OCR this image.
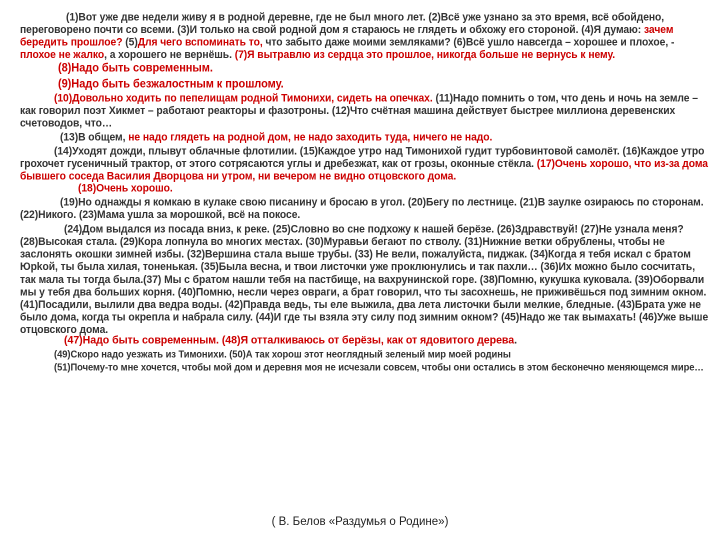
(1)Вот уже две недели живу я в родной деревне, где не был много лет. (2)Всё уже узнано за это время, всё обойдено, переговорено почти со всеми. (3)И только на свой родной дом я стараюсь не глядеть и обхожу его стороной. (4)Я думаю: зачем бередить прошлое? (5)Для чего вспоминать то, что забыто даже моими земляками? (6)Всё ушло навсегда – хорошее и плохое, - плохое не жалко, а хорошего не вернёшь. (7)Я вытравлю из сердца это прошлое, никогда больше не вернусь к нему.

(8)Надо быть современным.

(9)Надо быть безжалостным к прошлому.

(10)Довольно ходить по пепелищам родной Тимонихи, сидеть на опечках. (11)Надо помнить о том, что день и ночь на земле – как говорил поэт Хикмет – работают реакторы и фазотроны. (12)Что счётная машина действует быстрее миллиона деревенских счетоводов, что…

(13)В общем, не надо глядеть на родной дом, не надо заходить туда, ничего не надо.

(14)Уходят дожди, плывут облачные флотилии. (15)Каждое утро над Тимонихой гудит турбовинтовой самолёт. (16)Каждое утро грохочет гусеничный трактор, от этого сотрясаются углы и дребезжат, как от грозы, оконные стёкла. (17)Очень хорошо, что из-за дома бывшего соседа Василия Дворцова ни утром, ни вечером не видно отцовского дома.

(18)Очень хорошо.

(19)Но однажды я комкаю в кулаке свою писанину и бросаю в угол. (20)Бегу по лестнице. (21)В заулке озираюсь по сторонам. (22)Никого. (23)Мама ушла за морошкой, всё на покосе.

(24)Дом выдался из посада вниз, к реке. (25)Словно во сне подхожу к нашей берёзе. (26)Здравствуй! (27)Не узнала меня? (28)Высокая стала. (29)Кора лопнула во многих местах. (30)Муравьи бегают по стволу. (31)Нижние ветки обрублены, чтобы не заслонять окошки зимней избы. (32)Вершина стала выше трубы. (33) Не вели, пожалуйста, пиджак. (34)Когда я тебя искал с братом Юрkой, ты была хилая, тоненькая. (35)Была весна, и твои листочки уже проклюнулись и так пахли… (36)Их можно было сосчитать, так мала ты тогда была.(37) Мы с братом нашли тебя на пастбище, на вахрунинской горе. (38)Помню, кукушка куковала. (39)Оборвали мы у тебя два больших корня. (40)Помню, несли через овраги, а брат говорил, что ты засохнешь, не приживёшься под зимним окном. (41)Посадили, вылили два ведра воды. (42)Правда ведь, ты еле выжила, два лета листочки были мелкие, бледные. (43)Брата уже не было дома, когда ты окрепла и набрала силу. (44)И где ты взяла эту силу под зимним окном? (45)Надо же так вымахать! (46)Уже выше отцовского дома.

(47)Надо быть современным. (48)Я отталкиваюсь от берёзы, как от ядовитого дерева.

(49)Скоро надо уезжать из Тимонихи. (50)А так хорош этот неоглядный зеленый мир моей родины

(51)Почему-то мне хочется, чтобы мой дом и деревня моя не исчезали совсем, чтобы они остались в этом бесконечно меняющемся мире…

( В. Белов «Раздумья о Родине»)
